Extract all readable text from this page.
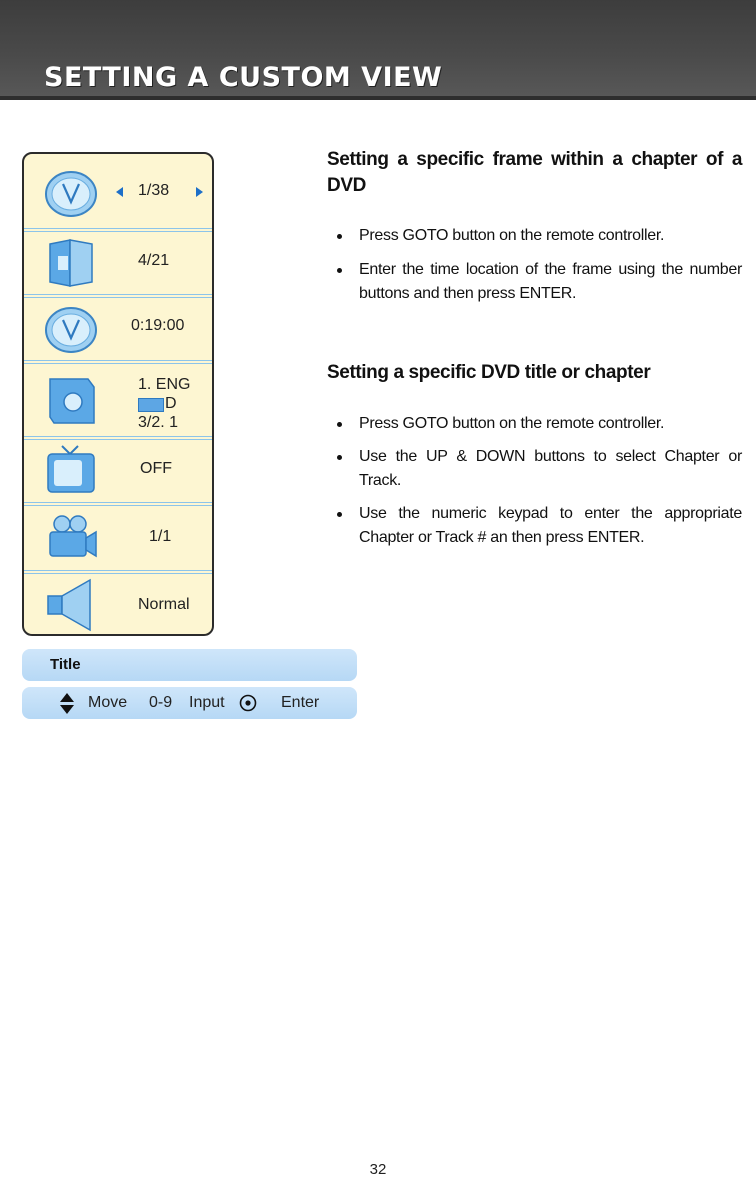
SETTING A CUSTOM VIEW
1/38
4/21
0:19:00
1. ENG
D
3/2. 1
OFF
1/1
Normal
Title
Move 0-9 Input	Enter
Setting a specific frame within a chapter of a DVD
Press GOTO button on the remote controller.
Enter the time location of the frame using the number buttons and then press ENTER.
Setting a specific DVD title or chapter
Press GOTO button on the remote controller.
Use the UP & DOWN buttons to select Chapter or Track.
Use the numeric keypad to enter the appropriate Chapter or Track # an then press ENTER.
32
